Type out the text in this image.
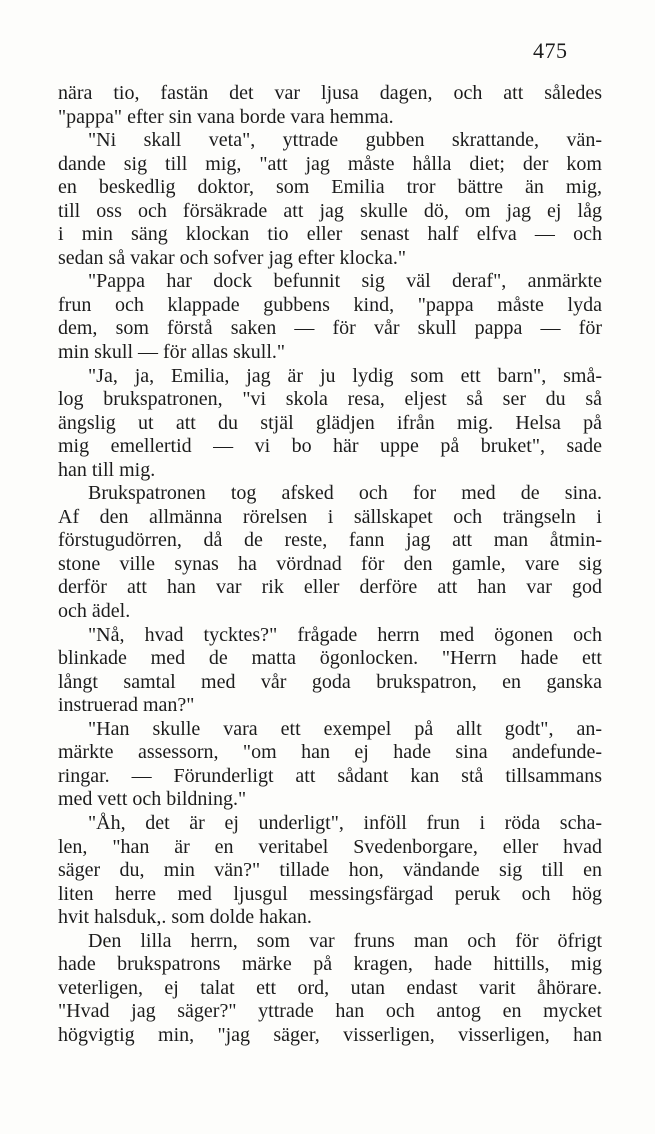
475
nära tio, fastän det var ljusa dagen, och att således
"pappa" efter sin vana borde vara hemma.
"Ni skall veta", yttrade gubben skrattande, vän-
dande sig till mig, "att jag måste hålla diet; der kom
en beskedlig doktor, som Emilia tror bättre än mig,
till oss och försäkrade att jag skulle dö, om jag ej låg
i min säng klockan tio eller senast half elfva — och
sedan så vakar och sofver jag efter klocka."
"Pappa har dock befunnit sig väl deraf", anmärkte
frun och klappade gubbens kind, "pappa måste lyda
dem, som förstå saken — för vår skull pappa — för
min skull — för allas skull."
"Ja, ja, Emilia, jag är ju lydig som ett barn", små-
log brukspatronen, "vi skola resa, eljest så ser du så
ängslig ut att du stjäl glädjen ifrån mig. Helsa på
mig emellertid — vi bo här uppe på bruket", sade
han till mig.
Brukspatronen tog afsked och for med de sina.
Af den allmänna rörelsen i sällskapet och trängseln i
förstugudörren, då de reste, fann jag att man åtmin-
stone ville synas ha vördnad för den gamle, vare sig
derför att han var rik eller derföre att han var god
och ädel.
"Nå, hvad tycktes?" frågade herrn med ögonen och
blinkade med de matta ögonlocken. "Herrn hade ett
långt samtal med vår goda brukspatron, en ganska
instruerad man?"
"Han skulle vara ett exempel på allt godt", an-
märkte assessorn, "om han ej hade sina andefunde-
ringar. — Förunderligt att sådant kan stå tillsammans
med vett och bildning."
"Åh, det är ej underligt", inföll frun i röda scha-
len, "han är en veritabel Svedenborgare, eller hvad
säger du, min vän?" tillade hon, vändande sig till en
liten herre med ljusgul messingsfärgad peruk och hög
hvit halsduk,. som dolde hakan.
Den lilla herrn, som var fruns man och för öfrigt
hade brukspatrons märke på kragen, hade hittills, mig
veterligen, ej talat ett ord, utan endast varit åhörare.
"Hvad jag säger?" yttrade han och antog en mycket
högvigtig min, "jag säger, visserligen, visserligen, han
